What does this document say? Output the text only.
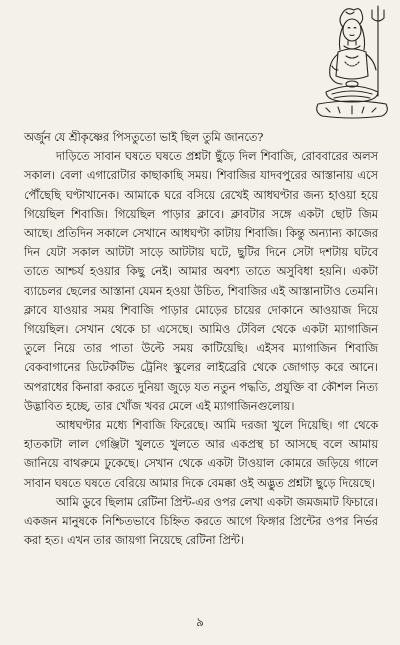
অর্জুন যে শ্রীকৃষ্ণের পিসতুতো ভাই ছিল তুমি জানতে?

দাড়িতে সাবান ঘষতে ঘষতে প্রশ্নটা ছুঁড়ে দিল শিবাজি, রোববারের অলস সকাল। বেলা এগারোটার কাছাকাছি সময়। শিবাজির যাদবপুরের আস্তানায় এসে পৌঁছেছি ঘণ্টাখানেক। আমাকে ঘরে বসিয়ে রেখেই আধঘণ্টার জন্য হাওয়া হয়ে গিয়েছিল শিবাজি। গিয়েছিল পাড়ার ক্লাবে। ক্লাবটার সঙ্গে একটা ছোট জিম আছে। প্রতিদিন সকালে সেখানে আধঘণ্টা কাটায় শিবাজি। কিন্তু অন্যান্য কাজের দিন যেটা সকাল আটটা সাড়ে আটটায় ঘটে, ছুটির দিনে সেটা দশটায় ঘটবে তাতে আশ্চর্য হওয়ার কিছু নেই। আমার অবশ্য তাতে অসুবিধা হয়নি। একটা ব্যাচেলর ছেলের আস্তানা যেমন হওয়া উচিত, শিবাজির এই আস্তানাটাও তেমনি। ক্লাবে যাওয়ার সময় শিবাজি পাড়ার মোড়ের চায়ের দোকানে আওয়াজ দিয়ে গিয়েছিল। সেখান থেকে চা এসেছে। আমিও টেবিল থেকে একটা ম্যাগাজিন তুলে নিয়ে তার পাতা উল্টে সময় কাটিয়েছি। এইসব ম্যাগাজিন শিবাজি বেকবাগানের ডিটেকটিভ ট্রেনিং স্কুলের লাইব্রেরি থেকে জোগাড় করে আনে। অপরাধের কিনারা করতে দুনিয়া জুড়ে যত নতুন পদ্ধতি, প্রযুক্তি বা কৌশল নিত্য উদ্ভাবিত হচ্ছে, তার খোঁজ খবর মেলে এই ম্যাগাজিনগুলোয়।

আধঘণ্টার মধ্যে শিবাজি ফিরেছে। আমি দরজা খুলে দিয়েছি। গা থেকে হাতকাটা লাল গেঞ্জিটা খুলতে খুলতে আর একপ্রস্থ চা আসছে বলে আমায় জানিয়ে বাথরুমে ঢুকেছে। সেখান থেকে একটা টাওয়াল কোমরে জড়িয়ে গালে সাবান ঘষতে ঘষতে বেরিয়ে আমার দিকে বেমক্কা ওই অদ্ভুত প্রশ্নটা ছুড়ে দিয়েছে।

আমি ডুবে ছিলাম রেটিনা প্রিন্ট-এর ওপর লেখা একটা জমজমাট ফিচারে। একজন মানুষকে নিশ্চিতভাবে চিহ্নিত করতে আগে ফিঙ্গার প্রিন্টের ওপর নির্ভর করা হত। এখন তার জায়গা নিয়েছে রেটিনা প্রিন্ট।

৯
